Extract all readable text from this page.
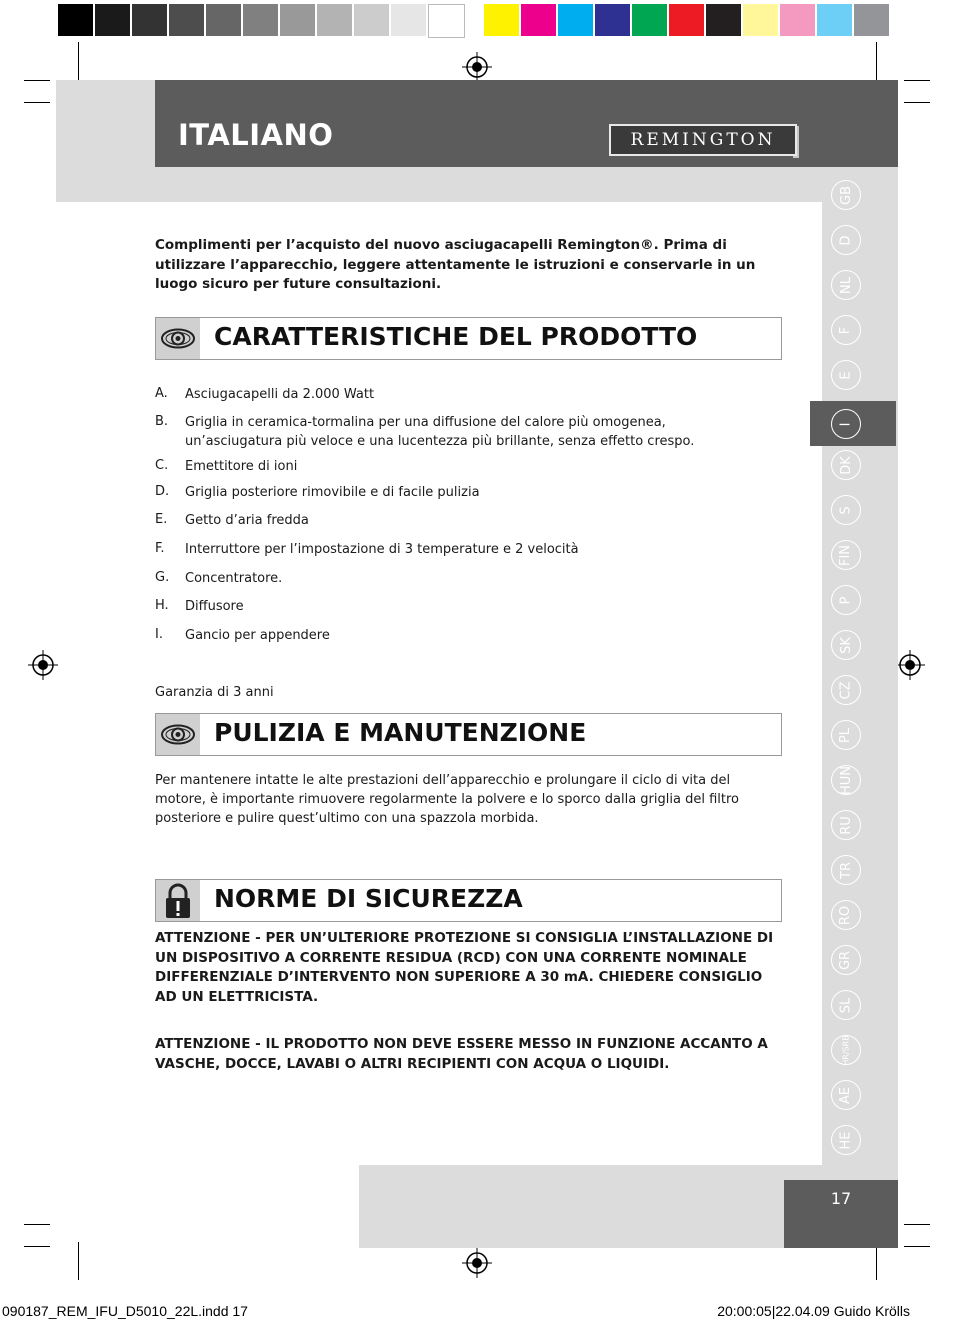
ITALIANO	REMINGTON
GB
D
NL
F
E
I
DK
S
FIN
P
SK
CZ
PL
HUN
RU
TR
RO
GR
SL
HR/SRB
AE
HE
Complimenti per l’acquisto del nuovo asciugacapelli Remington®. Prima di utilizzare l’apparecchio, leggere attentamente le istruzioni e conservarle in un luogo sicuro per future consultazioni.
CARATTERISTICHE DEL PRODOTTO
A. Asciugacapelli da 2.000 Watt
B. Griglia in ceramica-tormalina per una diffusione del calore più omogenea, un’asciugatura più veloce e una lucentezza più brillante, senza effetto crespo.
C. Emettitore di ioni
D. Griglia posteriore rimovibile e di facile pulizia
E. Getto d’aria fredda
F. Interruttore per l’impostazione di 3 temperature e 2 velocità
G. Concentratore.
H. Diffusore
I. Gancio per appendere
Garanzia di 3 anni
PULIZIA E MANUTENZIONE
Per mantenere intatte le alte prestazioni dell’apparecchio e prolungare il ciclo di vita del motore, è importante rimuovere regolarmente la polvere e lo sporco dalla griglia del filtro posteriore e pulire quest’ultimo con una spazzola morbida.
NORME DI SICUREZZA
ATTENZIONE - PER UN’ULTERIORE PROTEZIONE SI CONSIGLIA L’INSTALLAZIONE DI UN DISPOSITIVO A CORRENTE RESIDUA (RCD) CON UNA CORRENTE NOMINALE DIFFERENZIALE D’INTERVENTO NON SUPERIORE A 30 mA. CHIEDERE CONSIGLIO AD UN ELETTRICISTA.
ATTENZIONE - IL PRODOTTO NON DEVE ESSERE MESSO IN FUNZIONE ACCANTO A VASCHE, DOCCE, LAVABI O ALTRI RECIPIENTI CON ACQUA O LIQUIDI.
17
090187_REM_IFU_D5010_22L.indd 17	20:00:05|22.04.09 Guido Krölls
